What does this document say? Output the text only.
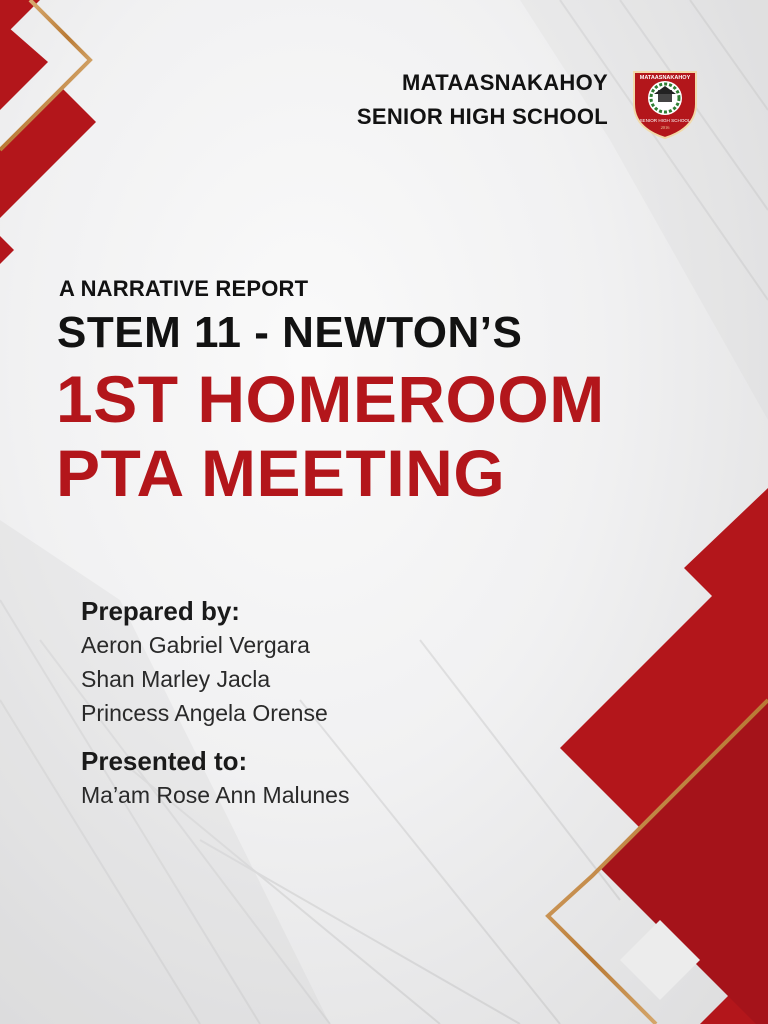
MATAASNAKAHOY
SENIOR HIGH SCHOOL
MATAASNAKAHOY
SENIOR HIGH SCHOOL
2016
A NARRATIVE REPORT
STEM 11 - NEWTON’S
1ST HOMEROOM
PTA MEETING
Prepared by:
Aeron Gabriel Vergara
Shan Marley Jacla
Princess Angela Orense
Presented to:
Ma’am Rose Ann Malunes
